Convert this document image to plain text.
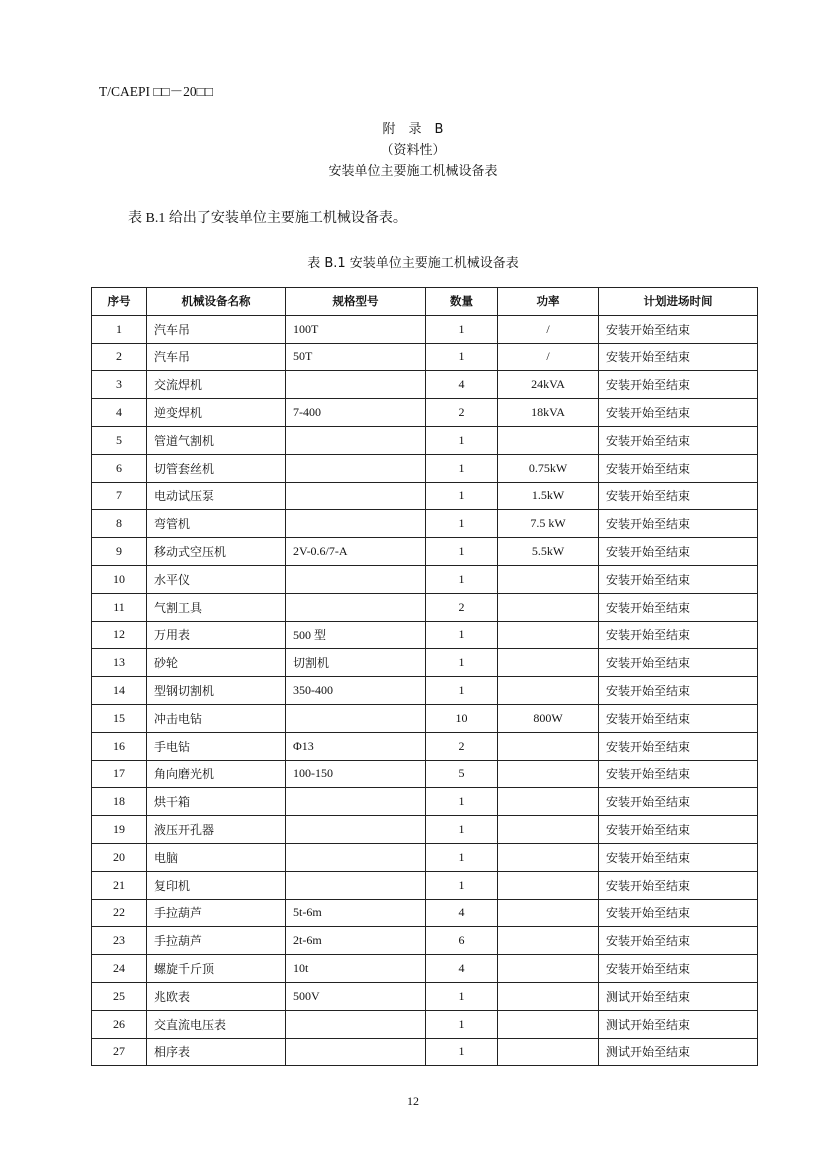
T/CAEPI □□－20□□
附　录　B
（资料性）
安装单位主要施工机械设备表
表 B.1 给出了安装单位主要施工机械设备表。
表 B.1 安装单位主要施工机械设备表
序号	机械设备名称	规格型号	数量	功率	计划进场时间
1	汽车吊	100T	1	/	安装开始至结束
2	汽车吊	50T	1	/	安装开始至结束
3	交流焊机		4	24kVA	安装开始至结束
4	逆变焊机	7-400	2	18kVA	安装开始至结束
5	管道气割机		1		安装开始至结束
6	切管套丝机		1	0.75kW	安装开始至结束
7	电动试压泵		1	1.5kW	安装开始至结束
8	弯管机		1	7.5 kW	安装开始至结束
9	移动式空压机	2V-0.6/7-A	1	5.5kW	安装开始至结束
10	水平仪		1		安装开始至结束
11	气割工具		2		安装开始至结束
12	万用表	500 型	1		安装开始至结束
13	砂轮	切割机	1		安装开始至结束
14	型钢切割机	350-400	1		安装开始至结束
15	冲击电钻		10	800W	安装开始至结束
16	手电钻	Φ13	2		安装开始至结束
17	角向磨光机	100-150	5		安装开始至结束
18	烘干箱		1		安装开始至结束
19	液压开孔器		1		安装开始至结束
20	电脑		1		安装开始至结束
21	复印机		1		安装开始至结束
22	手拉葫芦	5t-6m	4		安装开始至结束
23	手拉葫芦	2t-6m	6		安装开始至结束
24	螺旋千斤顶	10t	4		安装开始至结束
25	兆欧表	500V	1		测试开始至结束
26	交直流电压表		1		测试开始至结束
27	相序表		1		测试开始至结束
12
